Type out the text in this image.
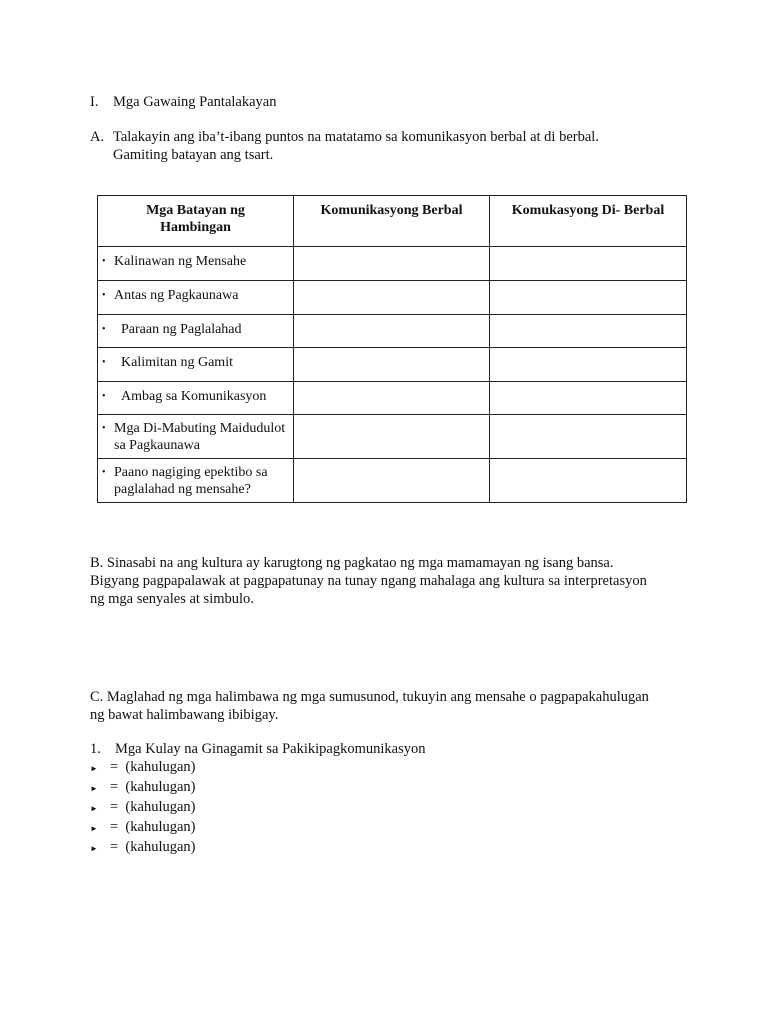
I. Mga Gawaing Pantalakayan
A. Talakayin ang iba’t-ibang puntos na matatamo sa komunikasyon berbal at di berbal.
Gamiting batayan ang tsart.
Mga Batayan ng Hambingan	Komunikasyong Berbal	Komukasyong Di- Berbal

• Kalinawan ng Mensahe		

• Antas ng Pagkaunawa		

• Paraan ng Paglalahad		

• Kalimitan ng Gamit		

• Ambag sa Komunikasyon		

• Mga Di-Mabuting Maidudulot sa Pagkaunawa		

• Paano nagiging epektibo sa paglalahad ng mensahe?		

B. Sinasabi na ang kultura ay karugtong ng pagkatao ng mga mamamayan ng isang bansa.
Bigyang pagpapalawak at pagpapatunay na tunay ngang mahalaga ang kultura sa interpretasyon
ng mga senyales at simbulo.
C. Maglahad ng mga halimbawa ng mga sumusunod, tukuyin ang mensahe o pagpapakahulugan
ng bawat halimbawang ibibigay.
1. Mga Kulay na Ginagamit sa Pakikipagkomunikasyon
► =  (kahulugan)
► =  (kahulugan)
► =  (kahulugan)
► =  (kahulugan)
► =  (kahulugan)
